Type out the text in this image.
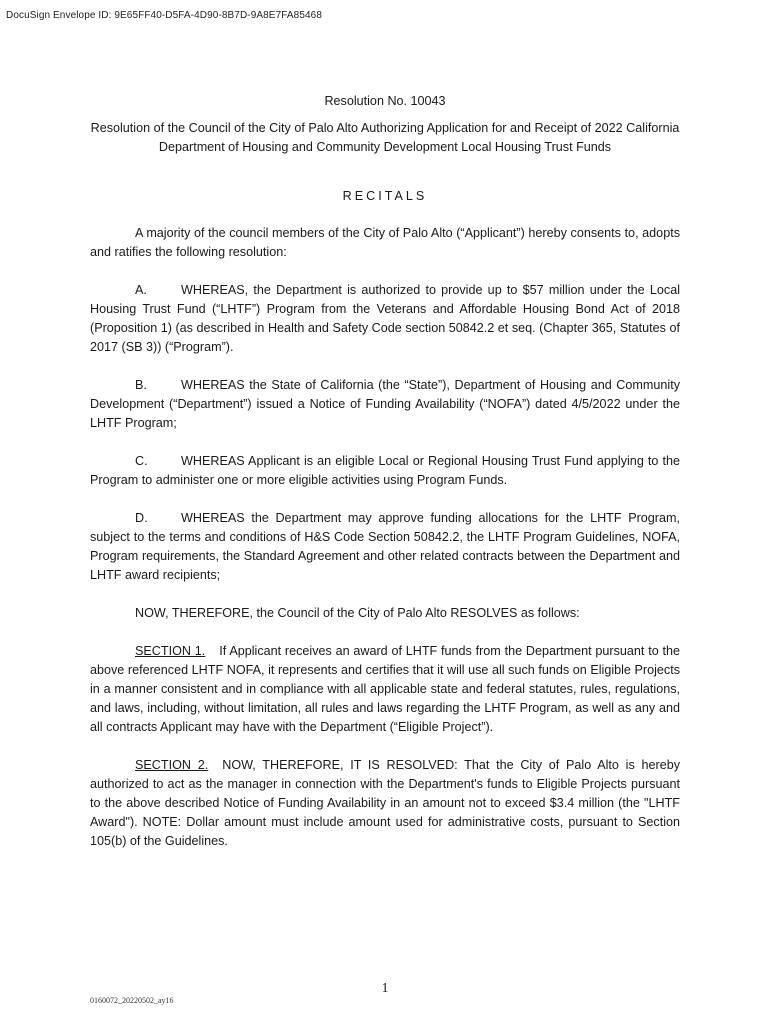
DocuSign Envelope ID: 9E65FF40-D5FA-4D90-8B7D-9A8E7FA85468

Resolution No. 10043

Resolution of the Council of the City of Palo Alto Authorizing Application for and Receipt of 2022 California Department of Housing and Community Development Local Housing Trust Funds

RECITALS

A majority of the council members of the City of Palo Alto (“Applicant”) hereby consents to, adopts and ratifies the following resolution:

A.	WHEREAS, the Department is authorized to provide up to $57 million under the Local Housing Trust Fund (“LHTF”) Program from the Veterans and Affordable Housing Bond Act of 2018 (Proposition 1) (as described in Health and Safety Code section 50842.2 et seq. (Chapter 365, Statutes of 2017 (SB 3)) (“Program”).

B.	WHEREAS the State of California (the “State”), Department of Housing and Community Development (“Department”) issued a Notice of Funding Availability (“NOFA”) dated 4/5/2022 under the LHTF Program;

C.	WHEREAS Applicant is an eligible Local or Regional Housing Trust Fund applying to the Program to administer one or more eligible activities using Program Funds.

D.	WHEREAS the Department may approve funding allocations for the LHTF Program, subject to the terms and conditions of H&S Code Section 50842.2, the LHTF Program Guidelines, NOFA, Program requirements, the Standard Agreement and other related contracts between the Department and LHTF award recipients;

NOW, THEREFORE, the Council of the City of Palo Alto RESOLVES as follows:

SECTION 1. If Applicant receives an award of LHTF funds from the Department pursuant to the above referenced LHTF NOFA, it represents and certifies that it will use all such funds on Eligible Projects in a manner consistent and in compliance with all applicable state and federal statutes, rules, regulations, and laws, including, without limitation, all rules and laws regarding the LHTF Program, as well as any and all contracts Applicant may have with the Department (“Eligible Project”).

SECTION 2. NOW, THEREFORE, IT IS RESOLVED: That the City of Palo Alto is hereby authorized to act as the manager in connection with the Department's funds to Eligible Projects pursuant to the above described Notice of Funding Availability in an amount not to exceed $3.4 million (the "LHTF Award"). NOTE: Dollar amount must include amount used for administrative costs, pursuant to Section 105(b) of the Guidelines.

1
0160072_20220502_ay16
